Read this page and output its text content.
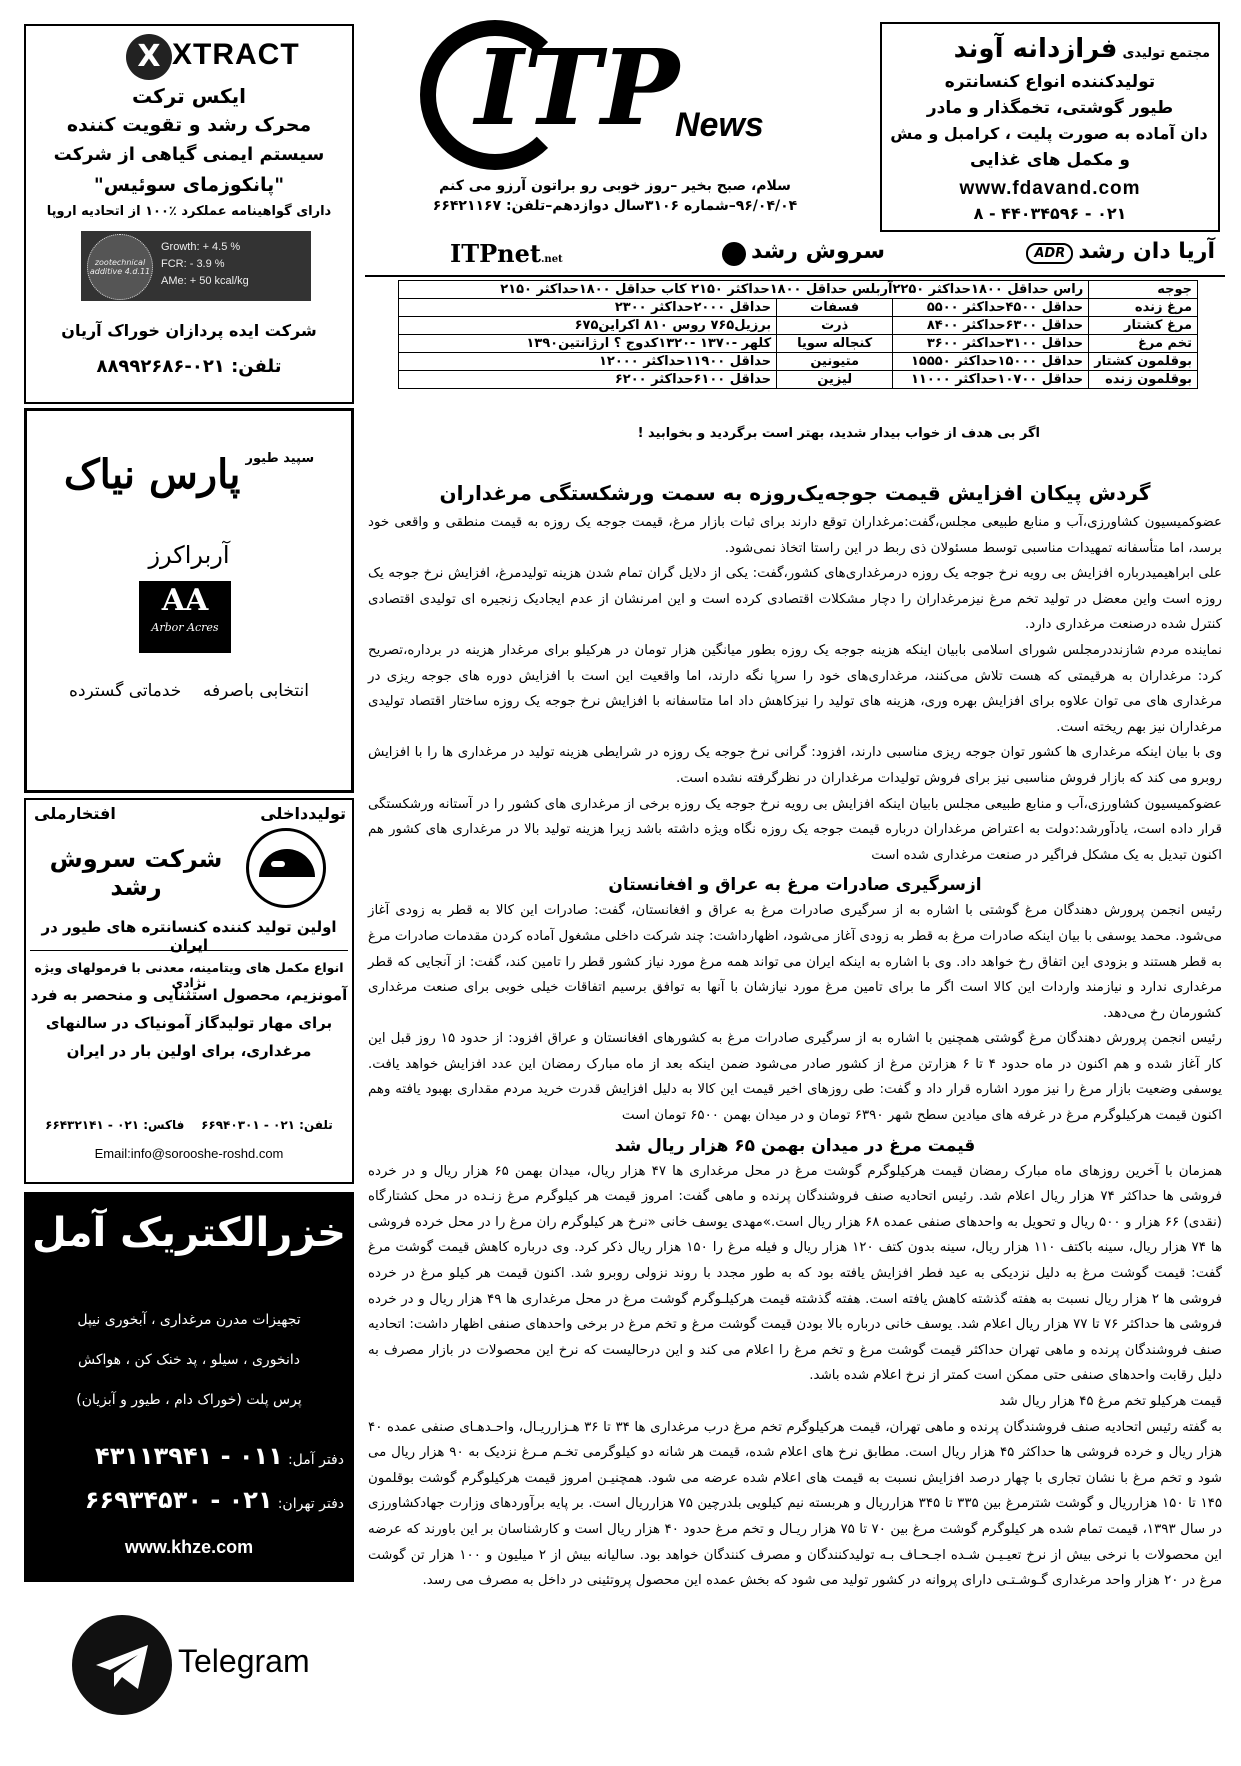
X XTRACT
ایکس ترکت
محرک رشد و تقویت کننده
سیستم ایمنی گیاهی از شرکت
"پانکوزمای سوئیس"
دارای گواهینامه عملکرد ٪۱۰۰ از اتحادیه اروپا
zootechnical additive 4.d.11
Growth: + 4.5 %
FCR: - 3.9 %
AMe: + 50 kcal/kg
شرکت ایده پردازان خوراک آریان
تلفن: ۰۲۱-۸۸۹۹۲۶۸۶
$^{سپید طیور}$ پارس نیاک
آربراکرز
AA
Arbor Acres
انتخابی باصرفه    خدماتی گسترده
تولیدداخلی
افتخارملی
شرکت سروش رشد
اولین تولید کننده کنسانتره های طیور در ایران
انواع مکمل های ویتامینه، معدنی با فرمولهای ویژه نژادی
آمونزیم، محصول استثنایی و منحصر به فرد
برای مهار تولیدگاز آمونیاک در سالنهای
مرغداری، برای اولین بار در ایران
تلفن: ۰۲۱ - ۶۶۹۴۰۳۰۱    فاکس: ۰۲۱ - ۶۶۴۳۲۱۴۱
Email:info@sorooshe-roshd.com
خزرالکتریک آمل
تجهیزات مدرن مرغداری ، آبخوری نیپل
دانخوری ، سیلو ، پد خنک کن ، هواکش
پرس پلت (خوراک دام ، طیور و آبزیان)
دفتر آمل: ۰۱۱ - ۴۳۱۱۳۹۴۱
دفتر تهران: ۰۲۱ - ۶۶۹۳۴۵۳۰
www.khze.com
Telegram
ITP
News
مجتمع تولیدی فرازدانه آوند
تولیدکننده انواع کنسانتره
طیور گوشتی، تخمگذار و مادر
دان آماده به صورت پلیت ، کرامبل و مش
و مکمل های غذایی
www.fdavand.com
۰۲۱ - ۴۴۰۳۴۵۹۶ - ۸
سلام، صبح بخیر –روز خوبی رو براتون آرزو می کنم
۹۶/۰۴/۰۴–شماره ۳۱۰۶سال دوازدهم–تلفن: ۶۶۴۲۱۱۶۷
ITPnet.net	سروش رشد	آریا دان رشد ADR
جوجه	راس حداقل ۱۸۰۰حداکثر ۲۲۵۰آربلس حداقل ۱۸۰۰حداکثر ۲۱۵۰ کاب حداقل ۱۸۰۰حداکثر ۲۱۵۰		
مرغ زنده	حداقل ۴۵۰۰حداکثر ۵۵۰۰	فسفات	حداقل ۲۰۰۰حداکثر ۲۳۰۰
مرغ کشتار	حداقل ۶۳۰۰حداکثر ۸۴۰۰	ذرت	برزیل۷۶۵ روس ۸۱۰ اکراین۶۷۵
تخم مرغ	حداقل ۳۱۰۰حداکثر ۳۶۰۰	کنجاله سویا	کلهر -۱۳۷۰ -۱۳۲۰کدوج ؟ ارژانتین۱۳۹۰
بوقلمون کشتار	حداقل ۱۵۰۰۰حداکثر ۱۵۵۵۰	متیونین	حداقل ۱۱۹۰۰حداکثر ۱۲۰۰۰
بوقلمون زنده	حداقل ۱۰۷۰۰حداکثر ۱۱۰۰۰	لیزین	حداقل ۶۱۰۰حداکثر ۶۲۰۰
اگر بی هدف از خواب بیدار شدید، بهتر است برگردید و بخوابید !
گردش پیکان افزایش قیمت جوجه‌یک‌روزه به سمت ورشکستگی مرغداران

عضوکمیسیون کشاورزی،آب و منابع طبیعی مجلس،گفت:مرغداران توقع دارند برای ثبات بازار مرغ، قیمت جوجه یک روزه به قیمت منطقی و واقعی خود برسد، اما متأسفانه تمهیدات مناسبی توسط مسئولان ذی ربط در این راستا اتخاذ نمی‌شود.

علی ابراهیمیدرباره افزایش بی رویه نرخ جوجه یک روزه درمرغداری‌های کشور،گفت: یکی از دلایل گران تمام شدن هزینه تولیدمرغ، افزایش نرخ جوجه یک روزه است واین معضل در تولید تخم مرغ نیزمرغداران را دچار مشکلات اقتصادی کرده است و این امرنشان از عدم ایجادیک زنجیره ای تولیدی اقتصادی کنترل شده درصنعت مرغداری دارد.

نماینده مردم شازنددرمجلس شورای اسلامی بابیان اینکه هزینه جوجه یک روزه بطور میانگین هزار تومان در هرکیلو برای مرغدار هزینه در برداره،تصریح کرد: مرغداران به هرقیمتی که هست تلاش می‌کنند، مرغداری‌های خود را سرپا نگه دارند، اما واقعیت این است با افزایش دوره های جوجه ریزی در مرغداری های می توان علاوه برای افزایش بهره وری، هزینه های تولید را نیزکاهش داد اما متاسفانه با افزایش نرخ جوجه یک روزه ساختار اقتصاد تولیدی مرغداران نیز بهم ریخته است.

وی با بیان اینکه مرغداری ها کشور توان جوجه ریزی مناسبی دارند، افزود: گرانی نرخ جوجه یک روزه در شرایطی هزینه تولید در مرغداری ها را با افزایش روبرو می کند که بازار فروش مناسبی نیز برای فروش تولیدات مرغداران در نظرگرفته نشده است.

عضوکمیسیون کشاورزی،آب و منابع طبیعی مجلس بابیان اینکه افزایش بی رویه نرخ جوجه یک روزه برخی از مرغداری های کشور را در آستانه ورشکستگی قرار داده است، یادآورشد:دولت به اعتراض مرغداران درباره قیمت جوجه یک روزه نگاه ویژه داشته باشد زیرا هزینه تولید بالا در مرغداری های کشور هم اکنون تبدیل به یک مشکل فراگیر در صنعت مرغداری شده است

ازسرگیری صادرات مرغ به عراق و افغانستان

رئیس انجمن پرورش دهندگان مرغ گوشتی با اشاره به از سرگیری صادرات مرغ به عراق و افغانستان، گفت: صادرات این کالا به قطر به زودی آغاز می‌شود. محمد یوسفی با بیان اینکه صادرات مرغ به قطر به زودی آغاز می‌شود، اظهارداشت: چند شرکت داخلی مشغول آماده کردن مقدمات صادرات مرغ به قطر هستند و بزودی این اتفاق رخ خواهد داد. وی با اشاره به اینکه ایران می تواند همه مرغ مورد نیاز کشور قطر را تامین کند، گفت: از آنجایی که قطر مرغداری ندارد و نیازمند واردات این کالا است اگر ما برای تامین مرغ مورد نیازشان با آنها به توافق برسیم اتفاقات خیلی خوبی برای صنعت مرغداری کشورمان رخ می‌دهد.

رئیس انجمن پرورش دهندگان مرغ گوشتی همچنین با اشاره به از سرگیری صادرات مرغ به کشورهای افغانستان و عراق افزود: از حدود ۱۵ روز قبل این کار آغاز شده و هم اکنون در ماه حدود ۴ تا ۶ هزارتن مرغ از کشور صادر می‌شود ضمن اینکه بعد از ماه مبارک رمضان این عدد افزایش خواهد یافت. یوسفی وضعیت بازار مرغ را نیز مورد اشاره قرار داد و گفت: طی روزهای اخیر قیمت این کالا به دلیل افزایش قدرت خرید مردم مقداری بهبود یافته وهم اکنون قیمت هرکیلوگرم مرغ در غرفه های میادین سطح شهر ۶۳۹۰ تومان و در میدان بهمن ۶۵۰۰ تومان است

قیمت مرغ در میدان بهمن ۶۵ هزار ریال شد

همزمان با آخرین روزهای ماه مبارک رمضان قیمت هرکیلوگرم گوشت مرغ در محل مرغداری ها ۴۷ هزار ریال، میدان بهمن ۶۵ هزار ریال و در خرده فروشی ها حداکثر ۷۴ هزار ریال اعلام شد. رئیس اتحادیه صنف فروشندگان پرنده و ماهی گفت: امروز قیمت هر کیلوگرم مرغ زنـده در محل کشتارگاه (نقدی) ۶۶ هزار و ۵۰۰ ریال و تحویل به واحدهای صنفی عمده ۶۸ هزار ریال است.»مهدی یوسف خانی «نرخ هر کیلوگرم ران مرغ را در محل خرده فروشی ها ۷۴ هزار ریال، سینه باکتف ۱۱۰ هزار ریال، سینه بدون کتف ۱۲۰ هزار ریال و فیله مرغ را ۱۵۰ هزار ریال ذکر کرد. وی درباره کاهش قیمت گوشت مرغ گفت: قیمت گوشت مرغ به دلیل نزدیکی به عید فطر افزایش یافته بود که به طور مجدد با روند نزولی روبرو شد. اکنون قیمت هر کیلو مرغ در خرده فروشی ها ۲ هزار ریال نسبت به هفته گذشته کاهش یافته است. هفته گذشته قیمت هرکیلـوگرم گوشت مرغ در محل مرغداری ها ۴۹ هزار ریال و در خرده فروشی ها حداکثر ۷۶ تا ۷۷ هزار ریال اعلام شد. یوسف خانی درباره بالا بودن قیمت گوشت مرغ و تخم مرغ در برخی واحدهای صنفی اظهار داشت: اتحادیه صنف فروشندگان پرنده و ماهی تهران حداکثر قیمت گوشت مرغ و تخم مرغ را اعلام می کند و این درحالیست که نرخ این محصولات در بازار مصرف به دلیل رقابت واحدهای صنفی حتی ممکن است کمتر از نرخ اعلام شده باشد.

قیمت هرکیلو تخم مرغ ۴۵ هزار ریال شد

به گفته رئیس اتحادیه صنف فروشندگان پرنده و ماهی تهران، قیمت هرکیلوگرم تخم مرغ درب مرغداری ها ۳۴ تا ۳۶ هـزارریـال، واحـدهـای صنفی عمده ۴۰ هزار ریال و خرده فروشی ها حداکثر ۴۵ هزار ریال است. مطابق نرخ های اعلام شده، قیمت هر شانه دو کیلوگرمی تخـم مـرغ نزدیک به ۹۰ هزار ریال می شود و تخم مرغ با نشان تجاری با چهار درصد افزایش نسبت به قیمت های اعلام شده عرضه می شود. همچنیـن امروز قیمت هرکیلوگرم گوشت بوقلمون ۱۴۵ تا ۱۵۰ هزارریال و گوشت شترمرغ بین ۳۳۵ تا ۳۴۵ هزارریال و هربسته نیم کیلویی بلدرچین ۷۵ هزارریال است. بر پایه برآوردهای وزارت جهادکشاورزی در سال ۱۳۹۳، قیمت تمام شده هر کیلوگرم گوشت مرغ بین ۷۰ تا ۷۵ هزار ریـال و تخم مرغ حدود ۴۰ هزار ریال است و کارشناسان بر این باورند که عرضه این محصولات با نرخی بیش از نرخ تعیـیـن شـده اجـحـاف بـه تولیدکنندگان و مصرف کنندگان خواهد بود. سالیانه بیش از ۲ میلیون و ۱۰۰ هزار تن گوشت مرغ در ۲۰ هزار واحد مرغداری گـوشـتـی دارای پروانه در کشور تولید می شود که بخش عمده این محصول پروتئینی در داخل به مصرف می رسد.
